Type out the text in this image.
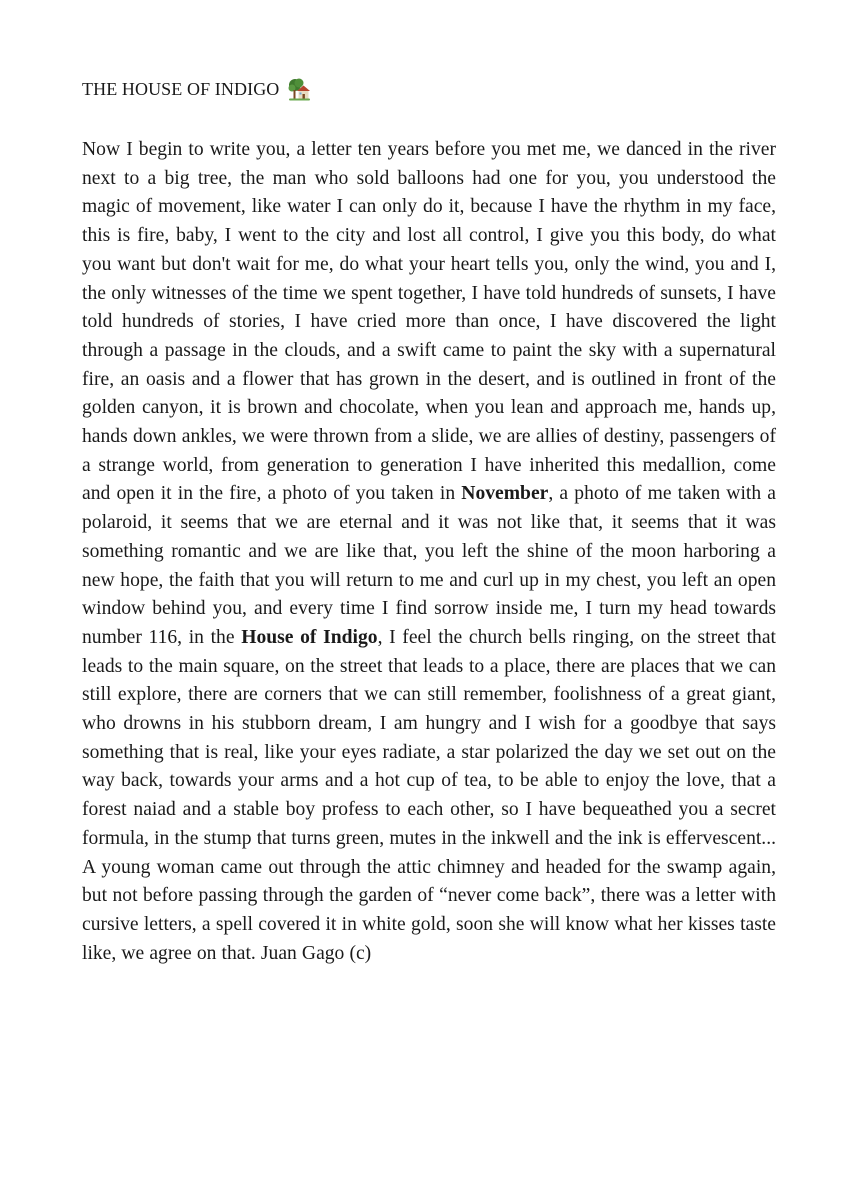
THE HOUSE OF INDIGO
Now I begin to write you, a letter ten years before you met me, we danced in the river next to a big tree, the man who sold balloons had one for you, you understood the magic of movement, like water I can only do it, because I have the rhythm in my face, this is fire, baby, I went to the city and lost all control, I give you this body, do what you want but don't wait for me, do what your heart tells you, only the wind, you and I, the only witnesses of the time we spent together, I have told hundreds of sunsets, I have told hundreds of stories, I have cried more than once, I have discovered the light through a passage in the clouds, and a swift came to paint the sky with a supernatural fire, an oasis and a flower that has grown in the desert, and is outlined in front of the golden canyon, it is brown and chocolate, when you lean and approach me, hands up, hands down ankles, we were thrown from a slide, we are allies of destiny, passengers of a strange world, from generation to generation I have inherited this medallion, come and open it in the fire, a photo of you taken in November, a photo of me taken with a polaroid, it seems that we are eternal and it was not like that, it seems that it was something romantic and we are like that, you left the shine of the moon harboring a new hope, the faith that you will return to me and curl up in my chest, you left an open window behind you, and every time I find sorrow inside me, I turn my head towards number 116, in the House of Indigo, I feel the church bells ringing, on the street that leads to the main square, on the street that leads to a place, there are places that we can still explore, there are corners that we can still remember, foolishness of a great giant, who drowns in his stubborn dream, I am hungry and I wish for a goodbye that says something that is real, like your eyes radiate, a star polarized the day we set out on the way back, towards your arms and a hot cup of tea, to be able to enjoy the love, that a forest naiad and a stable boy profess to each other, so I have bequeathed you a secret formula, in the stump that turns green, mutes in the inkwell and the ink is effervescent... A young woman came out through the attic chimney and headed for the swamp again, but not before passing through the garden of “never come back”, there was a letter with cursive letters, a spell covered it in white gold, soon she will know what her kisses taste like, we agree on that. Juan Gago (c)
